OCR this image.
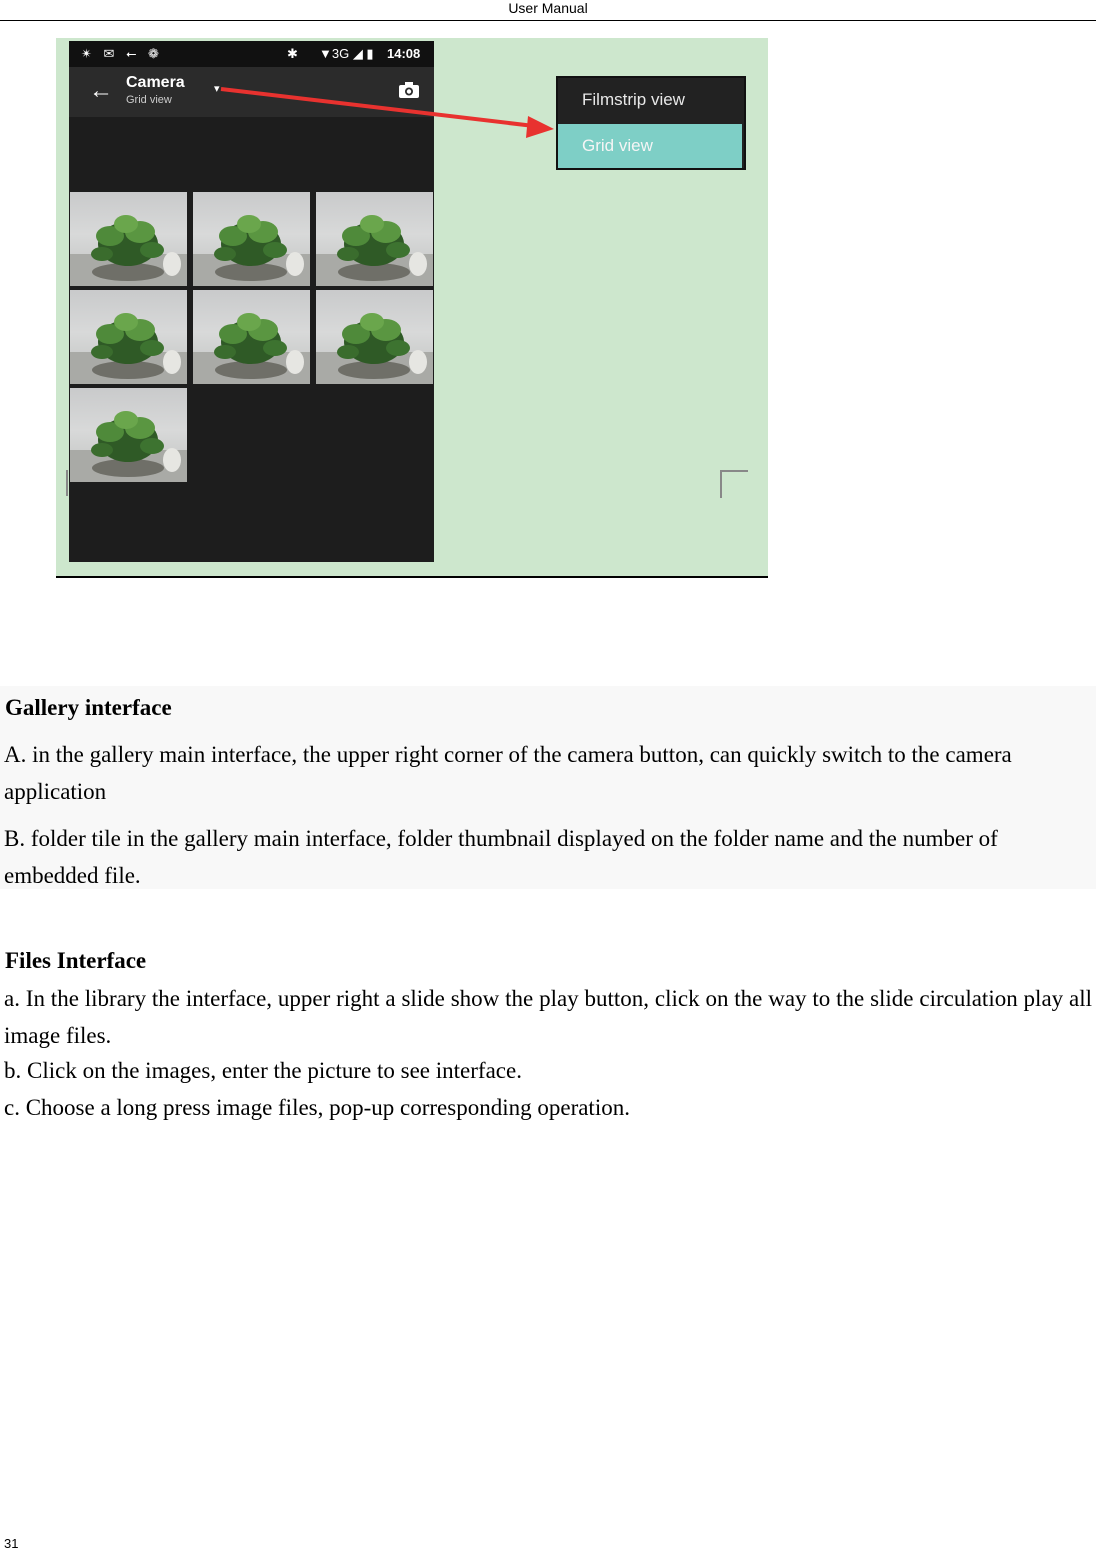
User Manual
✴ ✉ ⭠ ❁	✱ ▼3G ◢ ▮ 14:08
← Camera
Grid view
▾
Filmstrip view
Grid view
Gallery interface
A. in the gallery main interface, the upper right corner of the camera button, can quickly switch to the camera application
B. folder tile in the gallery main interface, folder thumbnail displayed on the folder name and the number of embedded file.
Files Interface
a. In the library the interface, upper right a slide show the play button, click on the way to the slide circulation play all image files.
b. Click on the images, enter the picture to see interface.
c. Choose a long press image files, pop-up corresponding operation.
31
